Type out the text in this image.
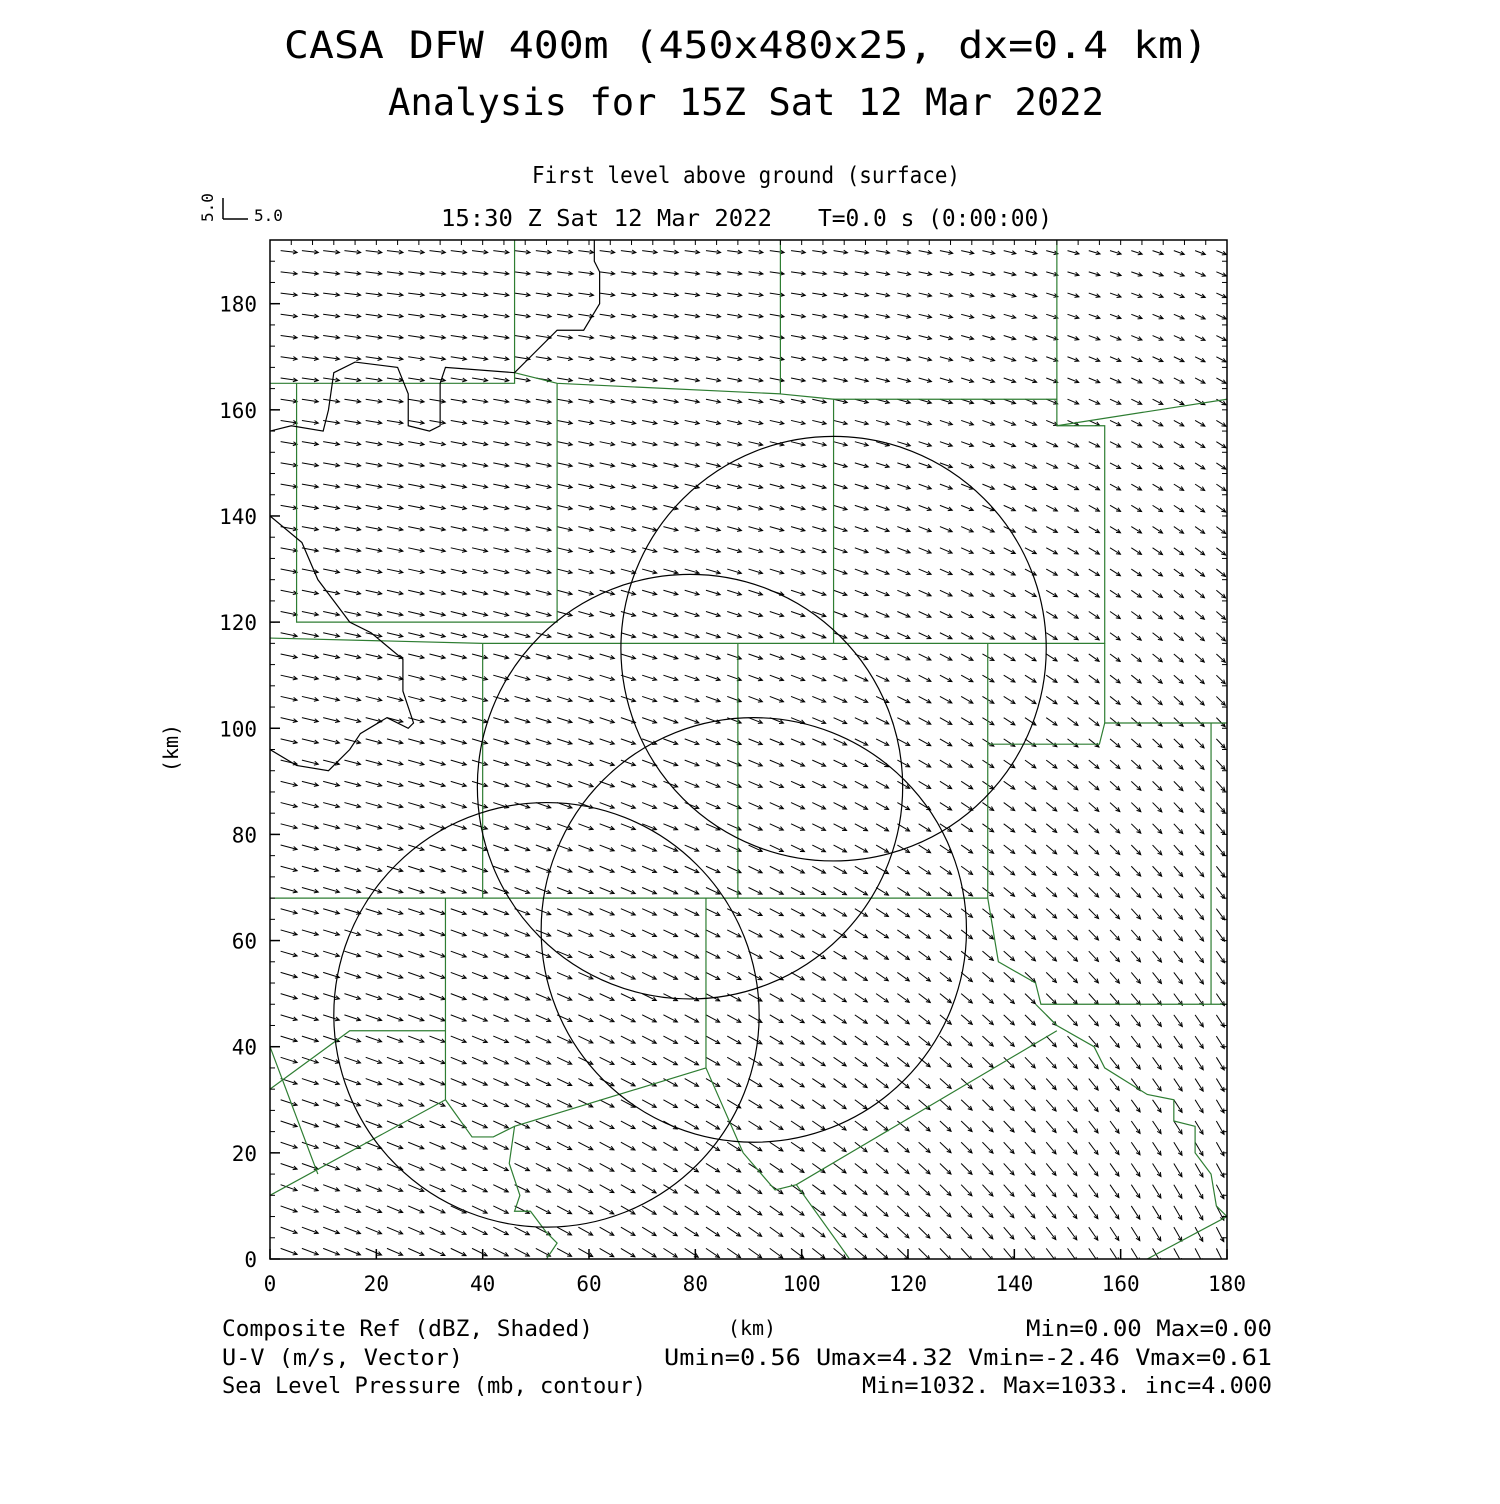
CASA DFW 400m (450x480x25, dx=0.4 km)
Analysis for 15Z Sat 12 Mar 2022
First level above ground (surface)
15:30 Z Sat 12 Mar 2022 T=0.0 s (0:00:00)
5.0
5.0
0	20	40	60	80	100	120	140	160	180
0
20
40
60
80
100
120
140
160
180
(km)
(km)
Composite Ref (dBZ, Shaded)
U-V (m/s, Vector)
Sea Level Pressure (mb, contour)
Min=0.00 Max=0.00
Umin=0.56 Umax=4.32 Vmin=-2.46 Vmax=0.61
Min=1032. Max=1033. inc=4.000
